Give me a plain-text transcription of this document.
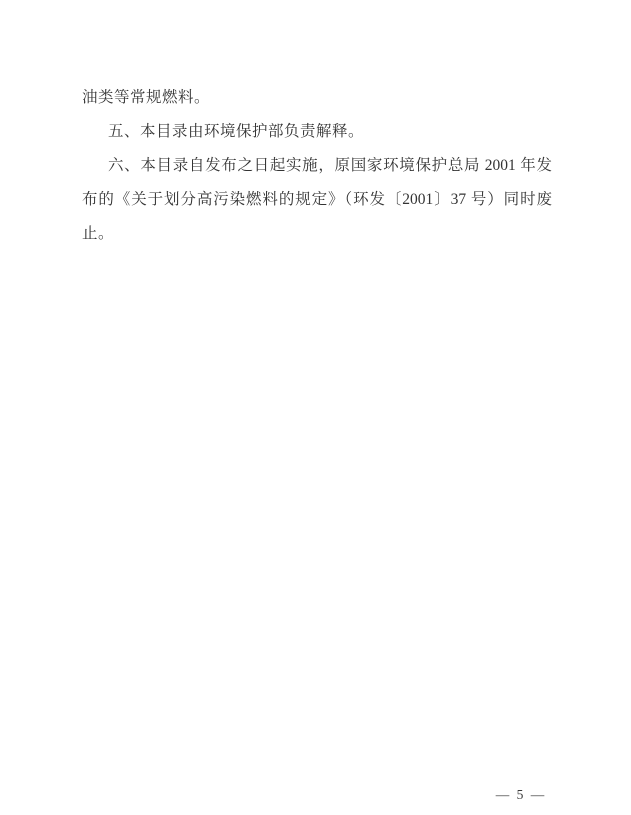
油类等常规燃料。
五、本目录由环境保护部负责解释。
六、本目录自发布之日起实施，原国家环境保护总局 2001 年发
布的《关于划分高污染燃料的规定》（环发〔2001〕37 号）同时废
止。
— 5 —
